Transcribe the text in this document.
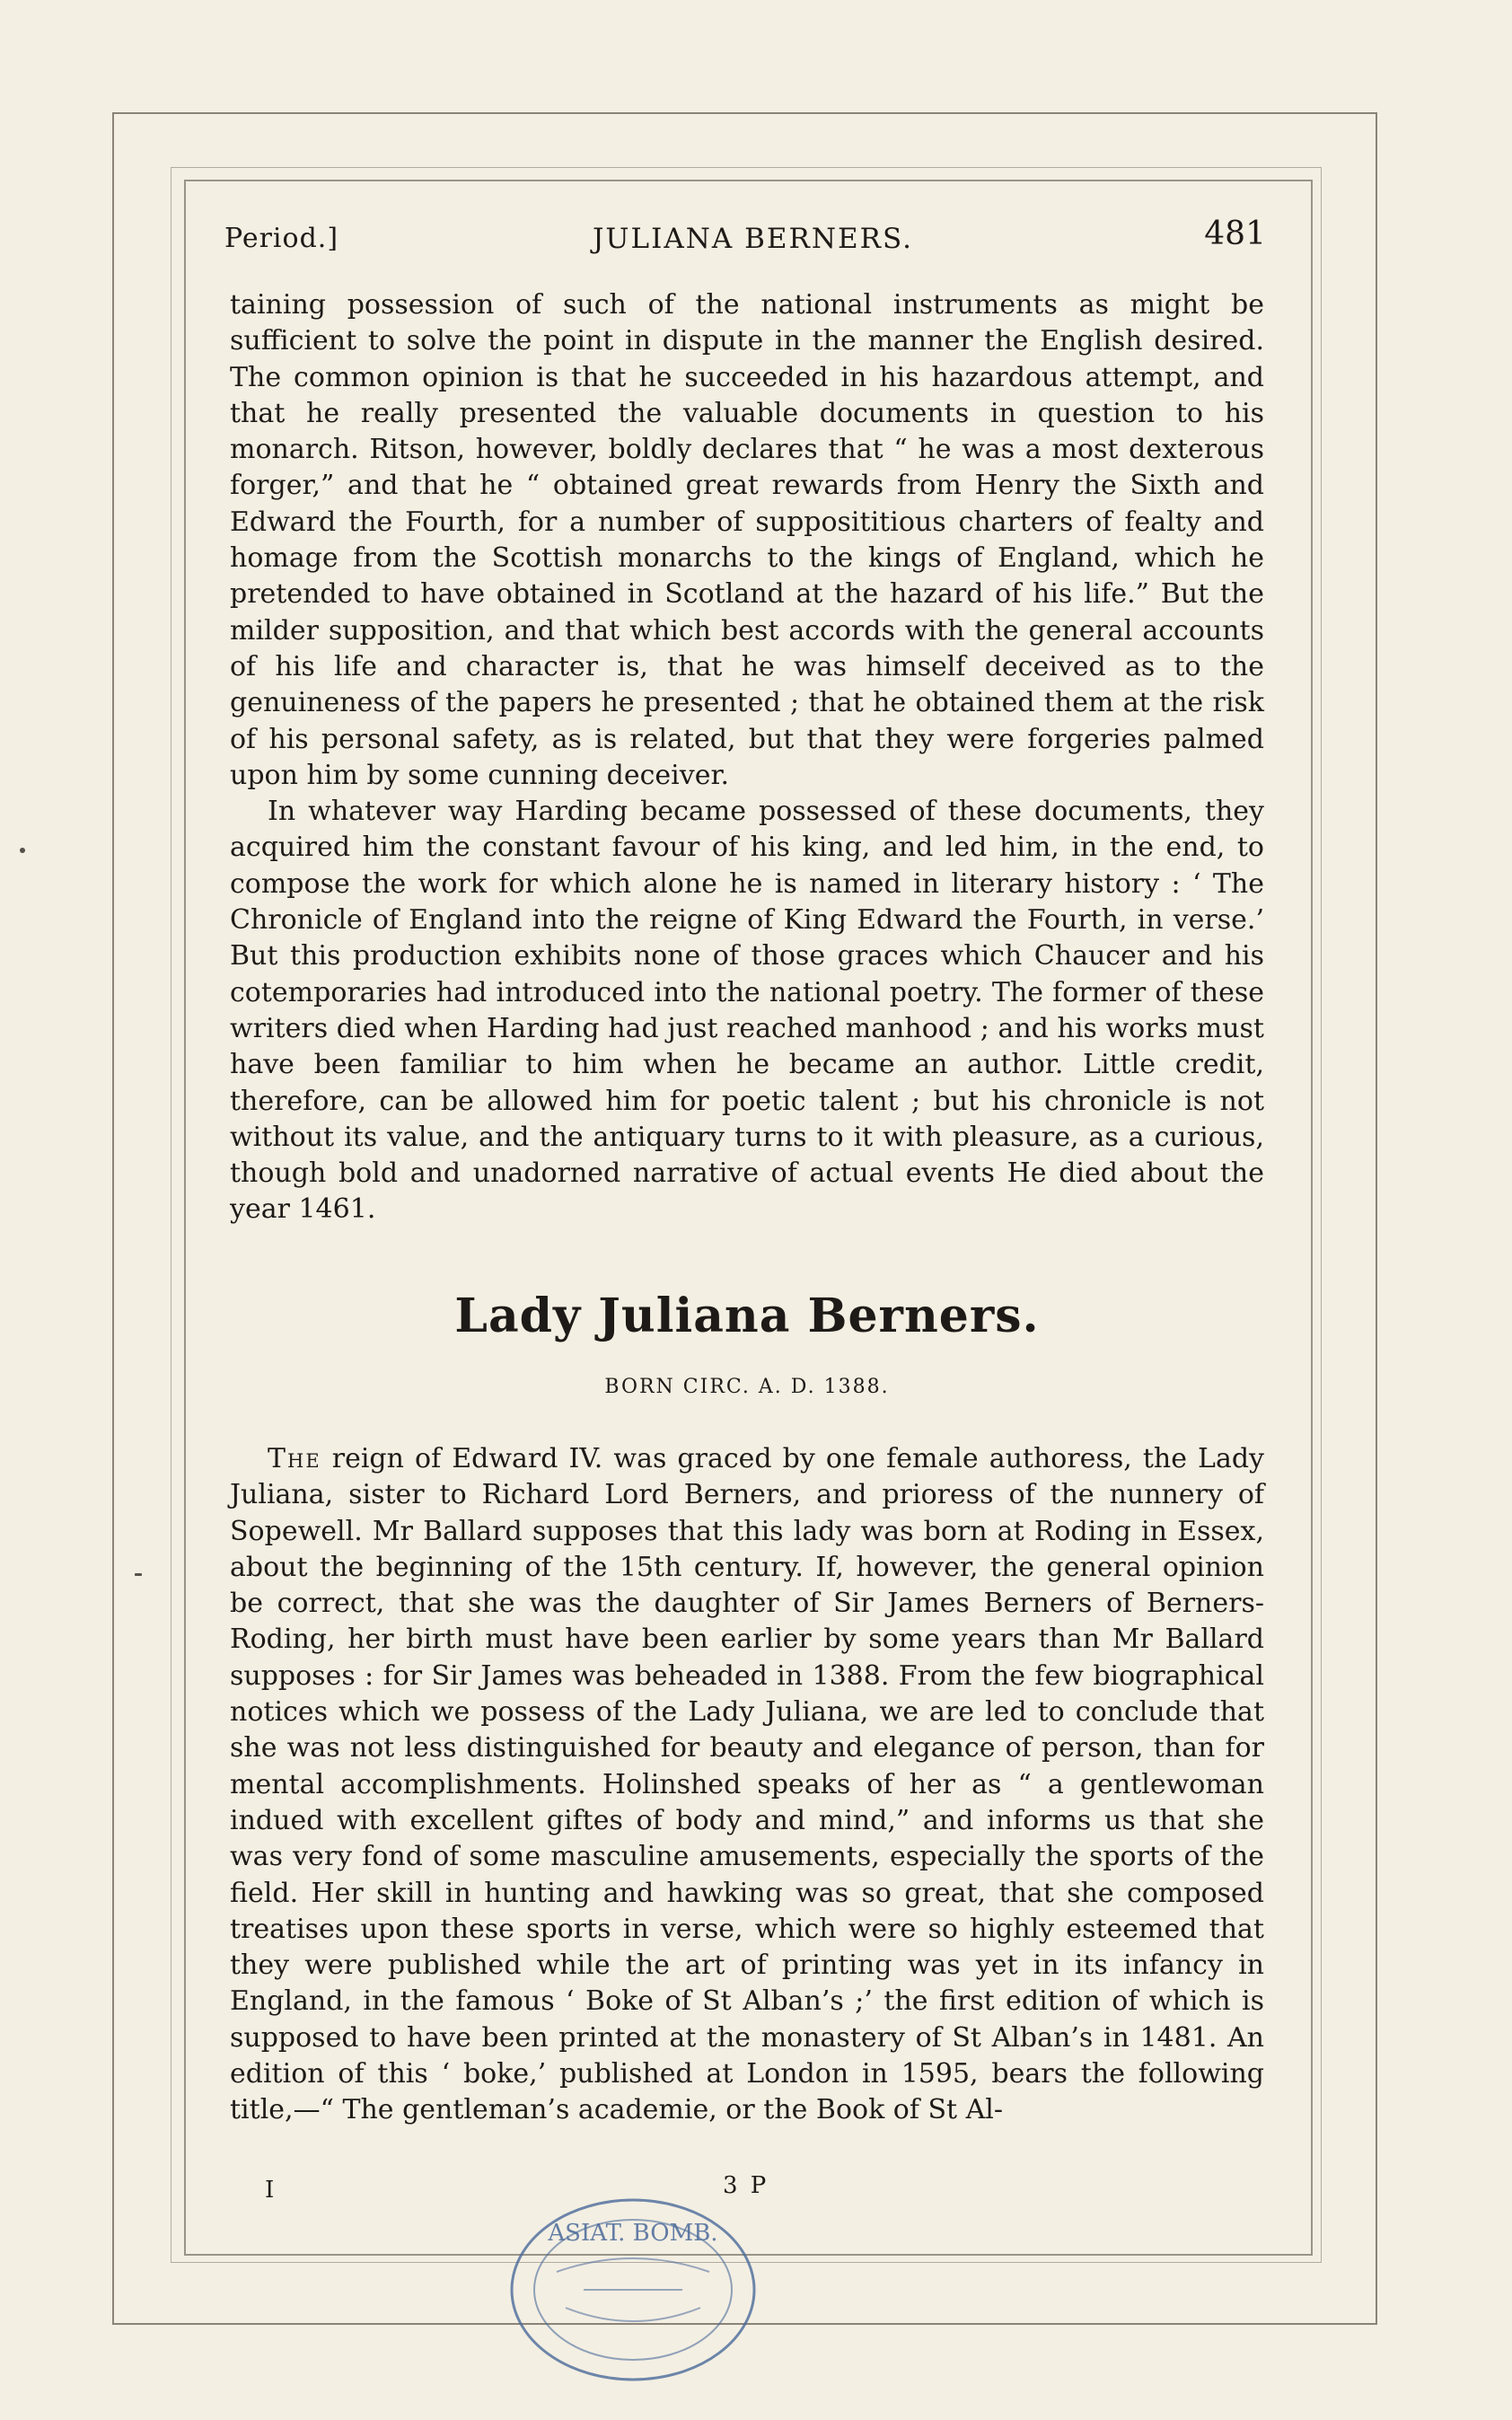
Period.]	JULIANA BERNERS.	481

taining possession of such of the national instruments as might be sufficient to solve the point in dispute in the manner the English desired. The common opinion is that he succeeded in his hazardous attempt, and that he really presented the valuable documents in question to his monarch. Ritson, however, boldly declares that “ he was a most dexterous forger,” and that he “ obtained great rewards from Henry the Sixth and Edward the Fourth, for a number of supposititious charters of fealty and homage from the Scottish monarchs to the kings of England, which he pretended to have obtained in Scotland at the hazard of his life.” But the milder supposition, and that which best accords with the general accounts of his life and character is, that he was himself deceived as to the genuineness of the papers he presented ; that he obtained them at the risk of his personal safety, as is related, but that they were forgeries palmed upon him by some cunning deceiver.

In whatever way Harding became possessed of these documents, they acquired him the constant favour of his king, and led him, in the end, to compose the work for which alone he is named in literary history : ‘ The Chronicle of England into the reigne of King Edward the Fourth, in verse.’ But this production exhibits none of those graces which Chaucer and his cotemporaries had introduced into the national poetry. The former of these writers died when Harding had just reached manhood ; and his works must have been familiar to him when he became an author. Little credit, therefore, can be allowed him for poetic talent ; but his chronicle is not without its value, and the antiquary turns to it with pleasure, as a curious, though bold and unadorned narrative of actual events He died about the year 1461.

Lady Juliana Berners.
BORN CIRC. A. D. 1388.

The reign of Edward IV. was graced by one female authoress, the Lady Juliana, sister to Richard Lord Berners, and prioress of the nunnery of Sopewell. Mr Ballard supposes that this lady was born at Roding in Essex, about the beginning of the 15th century. If, however, the general opinion be correct, that she was the daughter of Sir James Berners of Berners-Roding, her birth must have been earlier by some years than Mr Ballard supposes : for Sir James was beheaded in 1388. From the few biographical notices which we possess of the Lady Juliana, we are led to conclude that she was not less distinguished for beauty and elegance of person, than for mental accomplishments. Holinshed speaks of her as “ a gentlewoman indued with excellent giftes of body and mind,” and informs us that she was very fond of some masculine amusements, especially the sports of the field. Her skill in hunting and hawking was so great, that she composed treatises upon these sports in verse, which were so highly esteemed that they were published while the art of printing was yet in its infancy in England, in the famous ‘ Boke of St Alban’s ;’ the first edition of which is supposed to have been printed at the monastery of St Alban’s in 1481. An edition of this ‘ boke,’ published at London in 1595, bears the following title,—“ The gentleman’s academie, or the Book of St Al-

I	3 P
ASIAT. BOMB.
